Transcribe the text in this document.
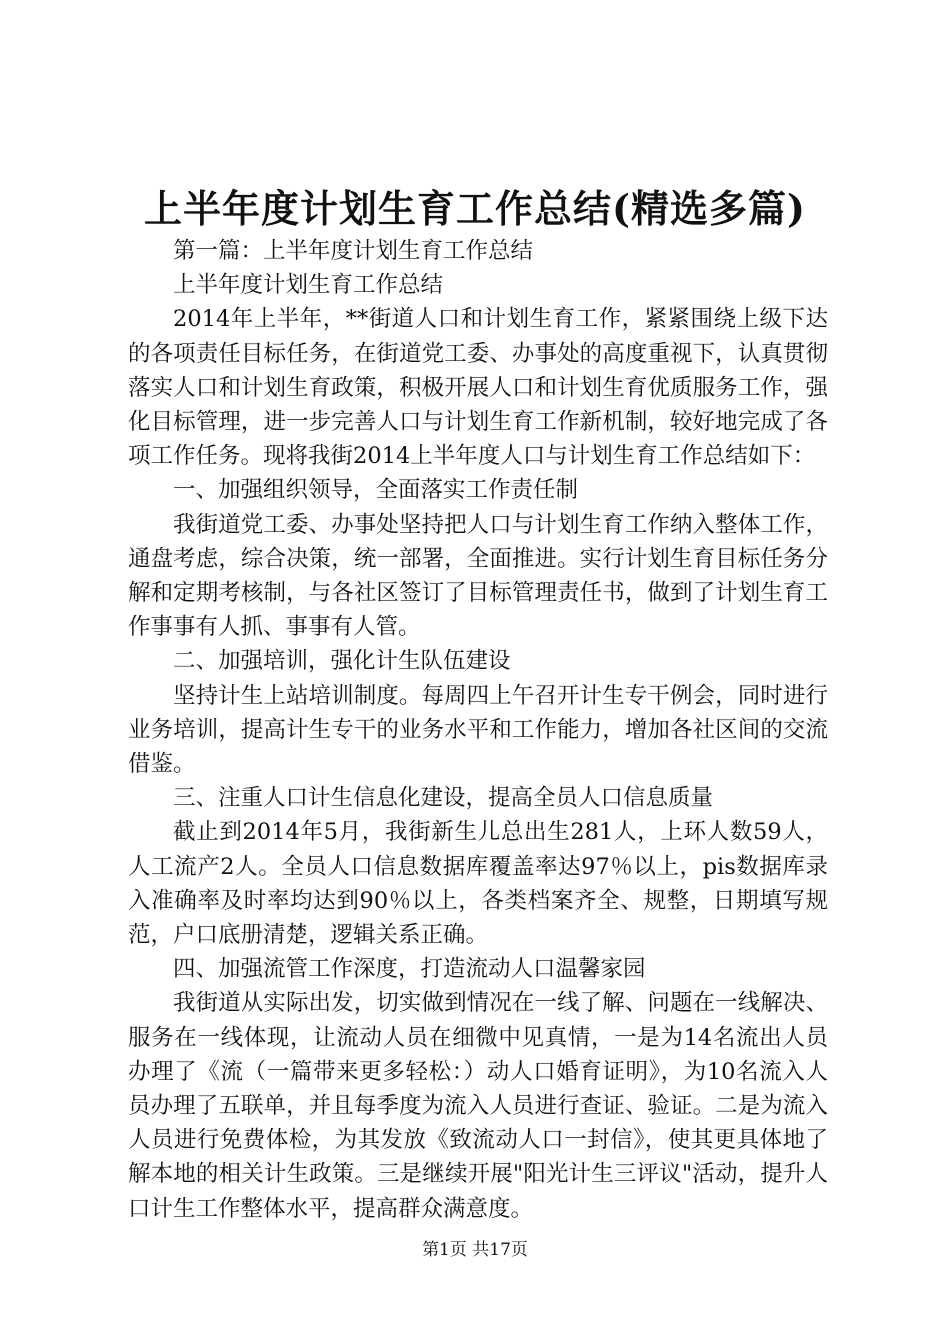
上半年度计划生育工作总结(精选多篇)

第一篇：上半年度计划生育工作总结

上半年度计划生育工作总结

2014年上半年，**街道人口和计划生育工作，紧紧围绕上级下达的各项责任目标任务，在街道党工委、办事处的高度重视下，认真贯彻落实人口和计划生育政策，积极开展人口和计划生育优质服务工作，强化目标管理，进一步完善人口与计划生育工作新机制，较好地完成了各项工作任务。现将我街2014上半年度人口与计划生育工作总结如下：

一、加强组织领导，全面落实工作责任制

我街道党工委、办事处坚持把人口与计划生育工作纳入整体工作，通盘考虑，综合决策，统一部署，全面推进。实行计划生育目标任务分解和定期考核制，与各社区签订了目标管理责任书，做到了计划生育工作事事有人抓、事事有人管。

二、加强培训，强化计生队伍建设

坚持计生上站培训制度。每周四上午召开计生专干例会，同时进行业务培训，提高计生专干的业务水平和工作能力，增加各社区间的交流借鉴。

三、注重人口计生信息化建设，提高全员人口信息质量

截止到2014年5月，我街新生儿总出生281人，上环人数59人，人工流产2人。全员人口信息数据库覆盖率达97％以上，pis数据库录入准确率及时率均达到90％以上，各类档案齐全、规整，日期填写规范，户口底册清楚，逻辑关系正确。

四、加强流管工作深度，打造流动人口温馨家园

我街道从实际出发，切实做到情况在一线了解、问题在一线解决、服务在一线体现，让流动人员在细微中见真情，一是为14名流出人员办理了《流（一篇带来更多轻松：）动人口婚育证明》，为10名流入人员办理了五联单，并且每季度为流入人员进行查证、验证。二是为流入人员进行免费体检，为其发放《致流动人口一封信》，使其更具体地了解本地的相关计生政策。三是继续开展"阳光计生三评议"活动，提升人口计生工作整体水平，提高群众满意度。

第1页 共17页
